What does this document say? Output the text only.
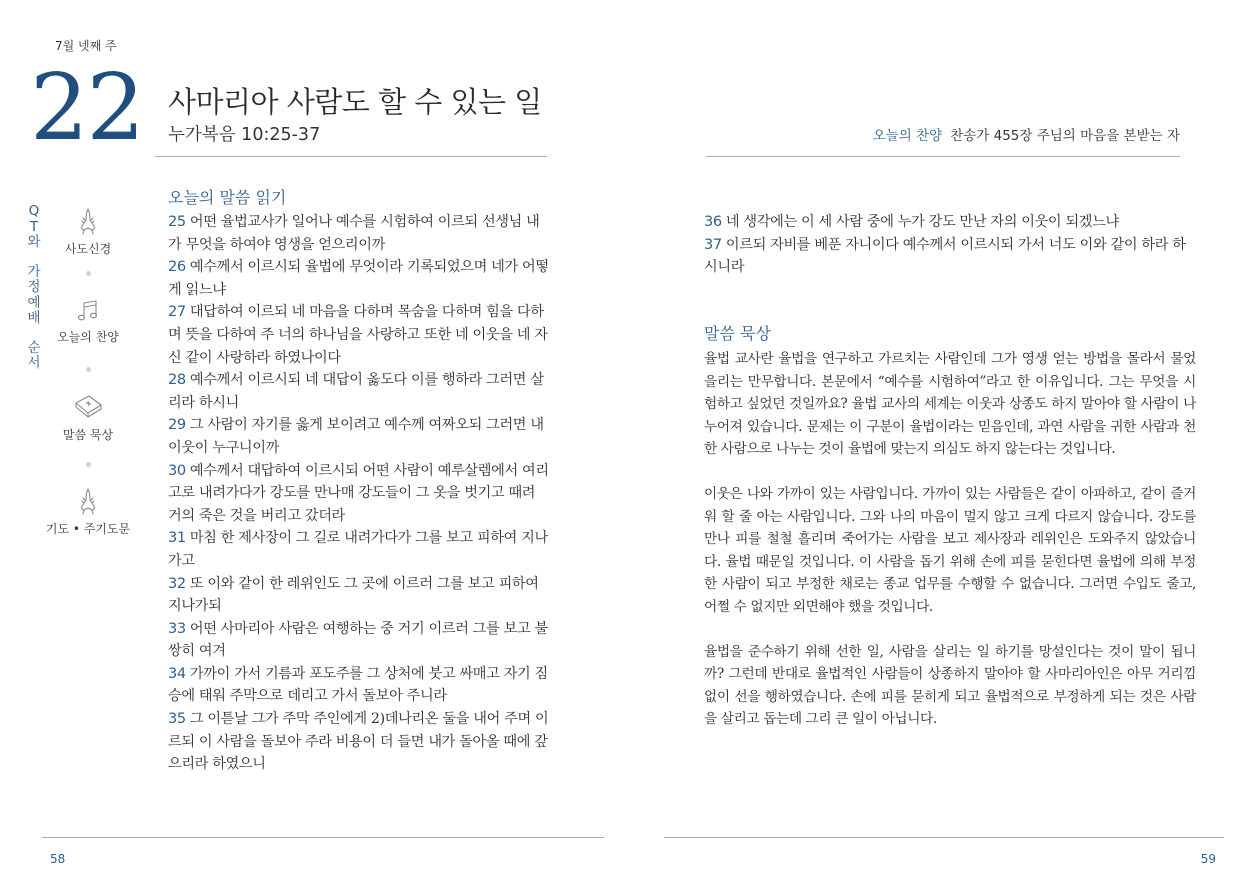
7월 넷째 주
22 사마리아 사람도 할 수 있는 일
누가복음 10:25-37	오늘의 찬양 찬송가 455장 주님의 마음을 본받는 자
Q
T
와
가
정
예
배
순
서
사도신경
오늘의 찬양
말씀 묵상
기도 • 주기도문
오늘의 말씀 읽기
25 어떤 율법교사가 일어나 예수를 시험하여 이르되 선생님 내가 무엇을 하여야 영생을 얻으리이까
26 예수께서 이르시되 율법에 무엇이라 기록되었으며 네가 어떻게 읽느냐
27 대답하여 이르되 네 마음을 다하며 목숨을 다하며 힘을 다하며 뜻을 다하여 주 너의 하나님을 사랑하고 또한 네 이웃을 네 자신 같이 사랑하라 하였나이다
28 예수께서 이르시되 네 대답이 옳도다 이를 행하라 그러면 살리라 하시니
29 그 사람이 자기를 옳게 보이려고 예수께 여짜오되 그러면 내 이웃이 누구니이까
30 예수께서 대답하여 이르시되 어떤 사람이 예루살렘에서 여리고로 내려가다가 강도를 만나매 강도들이 그 옷을 벗기고 때려 거의 죽은 것을 버리고 갔더라
31 마침 한 제사장이 그 길로 내려가다가 그를 보고 피하여 지나가고
32 또 이와 같이 한 레위인도 그 곳에 이르러 그를 보고 피하여 지나가되
33 어떤 사마리아 사람은 여행하는 중 거기 이르러 그를 보고 불쌍히 여겨
34 가까이 가서 기름과 포도주를 그 상처에 붓고 싸매고 자기 짐승에 태워 주막으로 데리고 가서 돌보아 주니라
35 그 이튿날 그가 주막 주인에게 2)데나리온 둘을 내어 주며 이르되 이 사람을 돌보아 주라 비용이 더 들면 내가 돌아올 때에 갚으리라 하였으니
36 네 생각에는 이 세 사람 중에 누가 강도 만난 자의 이웃이 되겠느냐
37 이르되 자비를 베푼 자니이다 예수께서 이르시되 가서 너도 이와 같이 하라 하시니라
말씀 묵상

율법 교사란 율법을 연구하고 가르치는 사람인데 그가 영생 얻는 방법을 몰라서 물었을리는 만무합니다. 본문에서 “예수를 시험하여”라고 한 이유입니다. 그는 무엇을 시험하고 싶었던 것일까요? 율법 교사의 세계는 이웃과 상종도 하지 말아야 할 사람이 나누어져 있습니다. 문제는 이 구분이 율법이라는 믿음인데, 과연 사람을 귀한 사람과 천한 사람으로 나누는 것이 율법에 맞는지 의심도 하지 않는다는 것입니다.

이웃은 나와 가까이 있는 사람입니다. 가까이 있는 사람들은 같이 아파하고, 같이 즐거워 할 줄 아는 사람입니다. 그와 나의 마음이 멀지 않고 크게 다르지 않습니다. 강도를 만나 피를 철철 흘리며 죽어가는 사람을 보고 제사장과 레위인은 도와주지 않았습니다. 율법 때문일 것입니다. 이 사람을 돕기 위해 손에 피를 묻힌다면 율법에 의해 부정한 사람이 되고 부정한 채로는 종교 업무를 수행할 수 없습니다. 그러면 수입도 줄고, 어쩔 수 없지만 외면해야 했을 것입니다.

율법을 준수하기 위해 선한 일, 사람을 살리는 일 하기를 망설인다는 것이 말이 됩니까? 그런데 반대로 율법적인 사람들이 상종하지 말아야 할 사마리아인은 아무 거리낌없이 선을 행하였습니다. 손에 피를 묻히게 되고 율법적으로 부정하게 되는 것은 사람을 살리고 돕는데 그리 큰 일이 아닙니다.

58	59
